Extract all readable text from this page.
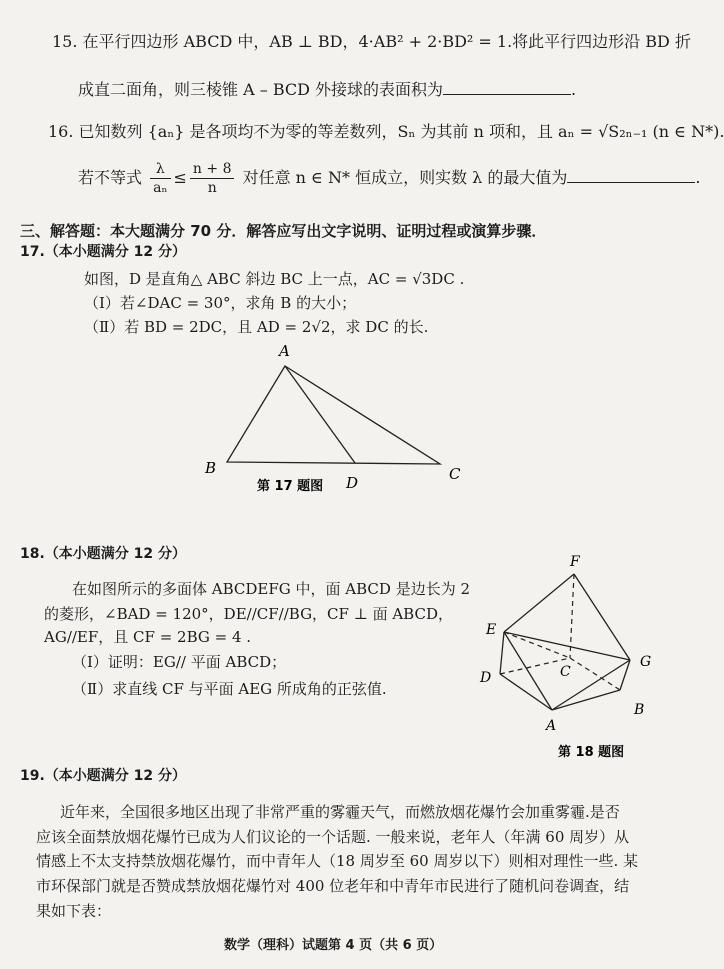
15. 在平行四边形 ABCD 中，AB ⊥ BD，4·AB² + 2·BD² = 1.将此平行四边形沿 BD 折
成直二面角，则三棱锥 A – BCD 外接球的表面积为	.
16. 已知数列 {aₙ} 是各项均不为零的等差数列，Sₙ 为其前 n 项和，且 aₙ = √S₂ₙ₋₁ (n ∈ N*).
若不等式 $\frac{\lambda}{\text{aₙ}} \le \frac{n + 8}{n}$ 对任意 n ∈ N* 恒成立，则实数 λ 的最大值为	.
三、解答题：本大题满分 70 分．解答应写出文字说明、证明过程或演算步骤．
17.（本小题满分 12 分）
如图，D 是直角△ ABC 斜边 BC 上一点，AC = √3DC .
（Ⅰ）若∠DAC = 30°，求角 B 的大小；
（Ⅱ）若 BD = 2DC，且 AD = 2√2，求 DC 的长.
A
B	C
D
第 17 题图
18.（本小题满分 12 分）
在如图所示的多面体 ABCDEFG 中，面 ABCD 是边长为 2
的菱形，∠BAD = 120°，DE//CF//BG，CF ⊥ 面 ABCD，
AG//EF，且 CF = 2BG = 4 .
（Ⅰ）证明：EG// 平面 ABCD；
（Ⅱ）求直线 CF 与平面 AEG 所成角的正弦值.
F
E
C
G
D
A
B
第 18 题图
19.（本小题满分 12 分）
近年来，全国很多地区出现了非常严重的雾霾天气，而燃放烟花爆竹会加重雾霾.是否
应该全面禁放烟花爆竹已成为人们议论的一个话题. 一般来说，老年人（年满 60 周岁）从
情感上不太支持禁放烟花爆竹，而中青年人（18 周岁至 60 周岁以下）则相对理性一些. 某
市环保部门就是否赞成禁放烟花爆竹对 400 位老年和中青年市民进行了随机问卷调查，结
果如下表：
数学（理科）试题第 4 页（共 6 页）
